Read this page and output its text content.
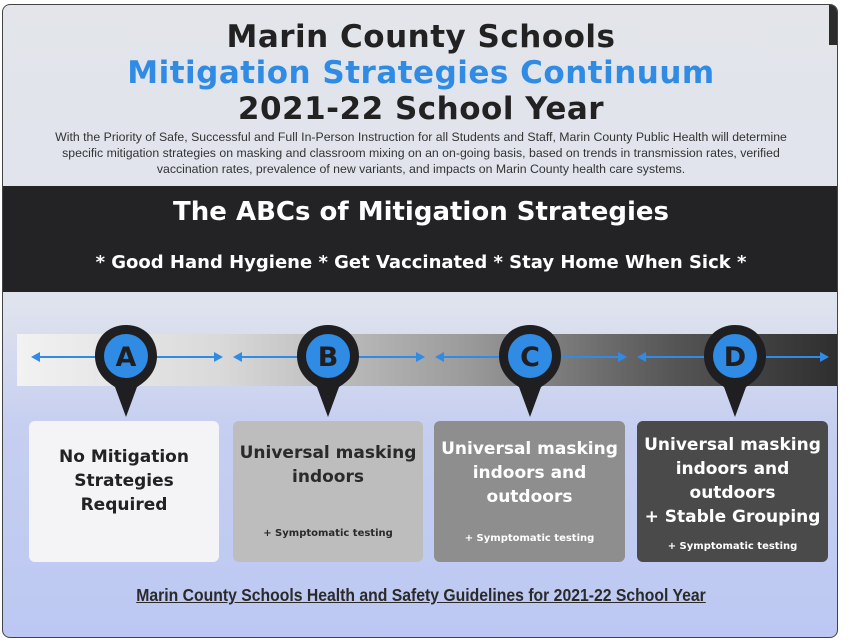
Marin County Schools
Mitigation Strategies Continuum
2021-22 School Year
With the Priority of Safe, Successful and Full In-Person Instruction for all Students and Staff, Marin County Public Health will determine specific mitigation strategies on masking and classroom mixing on an on-going basis, based on trends in transmission rates, verified vaccination rates, prevalence of new variants, and impacts on Marin County health care systems.
The ABCs of Mitigation Strategies
* Good Hand Hygiene * Get Vaccinated * Stay Home When Sick *
A	B	C	D
No Mitigation
Strategies
Required
Universal masking
indoors
+ Symptomatic testing
Universal masking
indoors and
outdoors
+ Symptomatic testing
Universal masking
indoors and
outdoors
+ Stable Grouping
+ Symptomatic testing
Marin County Schools Health and Safety Guidelines for 2021-22 School Year
